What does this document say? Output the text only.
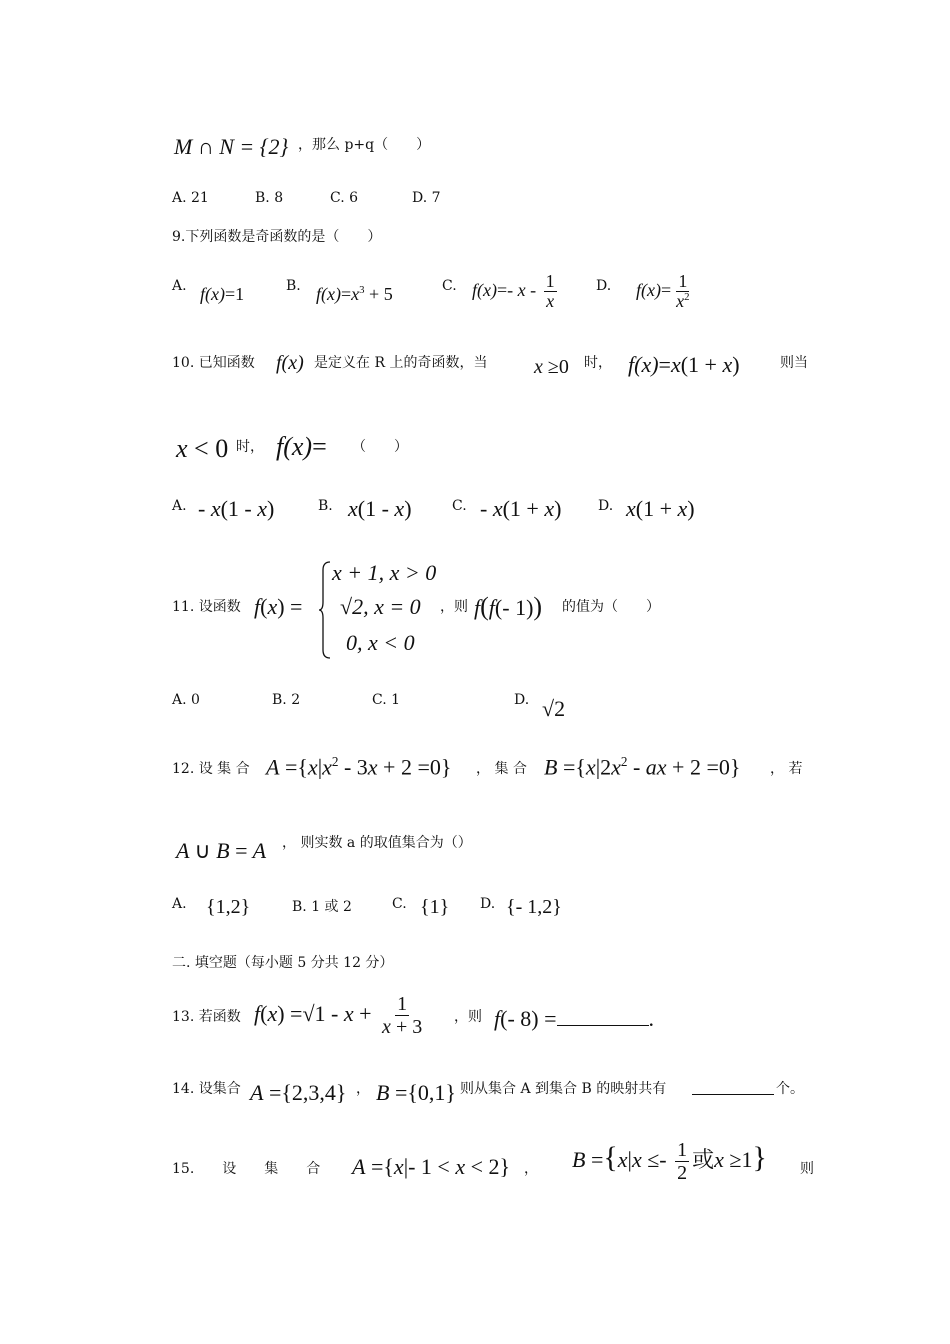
M ∩ N = {2} ，那么 p+q（　　）
A. 21	B. 8	C. 6	D. 7
9.下列函数是奇函数的是（　　）
A. f(x)=1	B. $f(x)=x^3 + 5$	C. f(x)=- x - $\frac{1}{x}$	D. $f(x)= \frac{1}{x^2}$
10. 已知函数 f(x) 是定义在 R 上的奇函数，当 x ≥0 时， f(x)=x(1 + x)	则当
x < 0 时， f(x)= （　　）
A. - x(1 - x)	B. x(1 - x)	C. - x(1 + x)	D. x(1 + x)
11. 设函数 f(x) =
x + 1, x > 0
√2, x = 0
0, x < 0
，则 f(f(- 1)) 的值为（　　）
A. 0	B. 2	C. 1	D. √2
12. 设 集 合 $A =\{x|x^2 - 3x + 2 =0\}$ ， 集 合 $B =\{x|2x^2$ - ax + 2 =0} ， 若
A ∪ B = A ， 则实数 a 的取值集合为（）
A. {1,2}	B. 1 或 2	C. {1} D. {- 1,2}
二. 填空题（每小题 5 分共 12 分）
13. 若函数 $f(x) =√1 - x + \frac{1}{x + 3}$ ，则 f(- 8) =	.
14. 设集合 A ={2,3,4} ， B ={0,1} 则从集合 A 到集合 B 的映射共有	个。
15.　　设　　集　　合 A ={x|- 1 < x < 2} ， $B =\{x|x \le- \frac{1}{2}$ 或x ≥1} 则
